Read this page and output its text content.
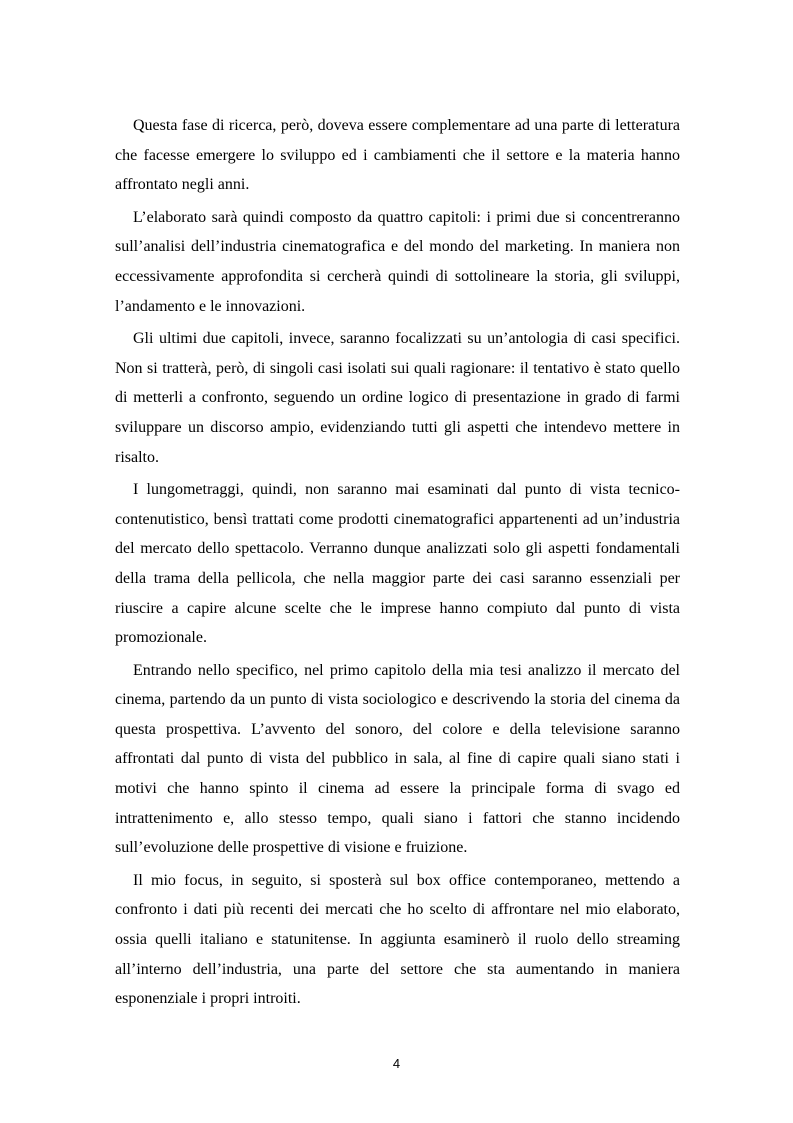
Questa fase di ricerca, però, doveva essere complementare ad una parte di letteratura che facesse emergere lo sviluppo ed i cambiamenti che il settore e la materia hanno affrontato negli anni.

L’elaborato sarà quindi composto da quattro capitoli: i primi due si concentreranno sull’analisi dell’industria cinematografica e del mondo del marketing. In maniera non eccessivamente approfondita si cercherà quindi di sottolineare la storia, gli sviluppi, l’andamento e le innovazioni.

Gli ultimi due capitoli, invece, saranno focalizzati su un’antologia di casi specifici. Non si tratterà, però, di singoli casi isolati sui quali ragionare: il tentativo è stato quello di metterli a confronto, seguendo un ordine logico di presentazione in grado di farmi sviluppare un discorso ampio, evidenziando tutti gli aspetti che intendevo mettere in risalto.

I lungometraggi, quindi, non saranno mai esaminati dal punto di vista tecnico-contenutistico, bensì trattati come prodotti cinematografici appartenenti ad un’industria del mercato dello spettacolo. Verranno dunque analizzati solo gli aspetti fondamentali della trama della pellicola, che nella maggior parte dei casi saranno essenziali per riuscire a capire alcune scelte che le imprese hanno compiuto dal punto di vista promozionale.

Entrando nello specifico, nel primo capitolo della mia tesi analizzo il mercato del cinema, partendo da un punto di vista sociologico e descrivendo la storia del cinema da questa prospettiva. L’avvento del sonoro, del colore e della televisione saranno affrontati dal punto di vista del pubblico in sala, al fine di capire quali siano stati i motivi che hanno spinto il cinema ad essere la principale forma di svago ed intrattenimento e, allo stesso tempo, quali siano i fattori che stanno incidendo sull’evoluzione delle prospettive di visione e fruizione.

Il mio focus, in seguito, si sposterà sul box office contemporaneo, mettendo a confronto i dati più recenti dei mercati che ho scelto di affrontare nel mio elaborato, ossia quelli italiano e statunitense. In aggiunta esaminerò il ruolo dello streaming all’interno dell’industria, una parte del settore che sta aumentando in maniera esponenziale i propri introiti.

4
